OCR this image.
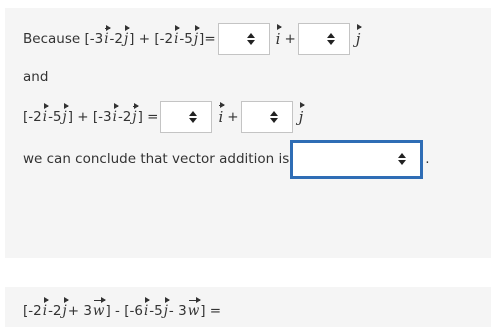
Because [-3 i -2 j ] + [-2 i -5 j ]=	i +	j
and
[-2 i -5 j ] + [-3 i -2 j ] =	i +	j
we can conclude that vector addition is	.
[-2 i -2 j + 3 w ] - [-6 i -5 j - 3 w ] =
